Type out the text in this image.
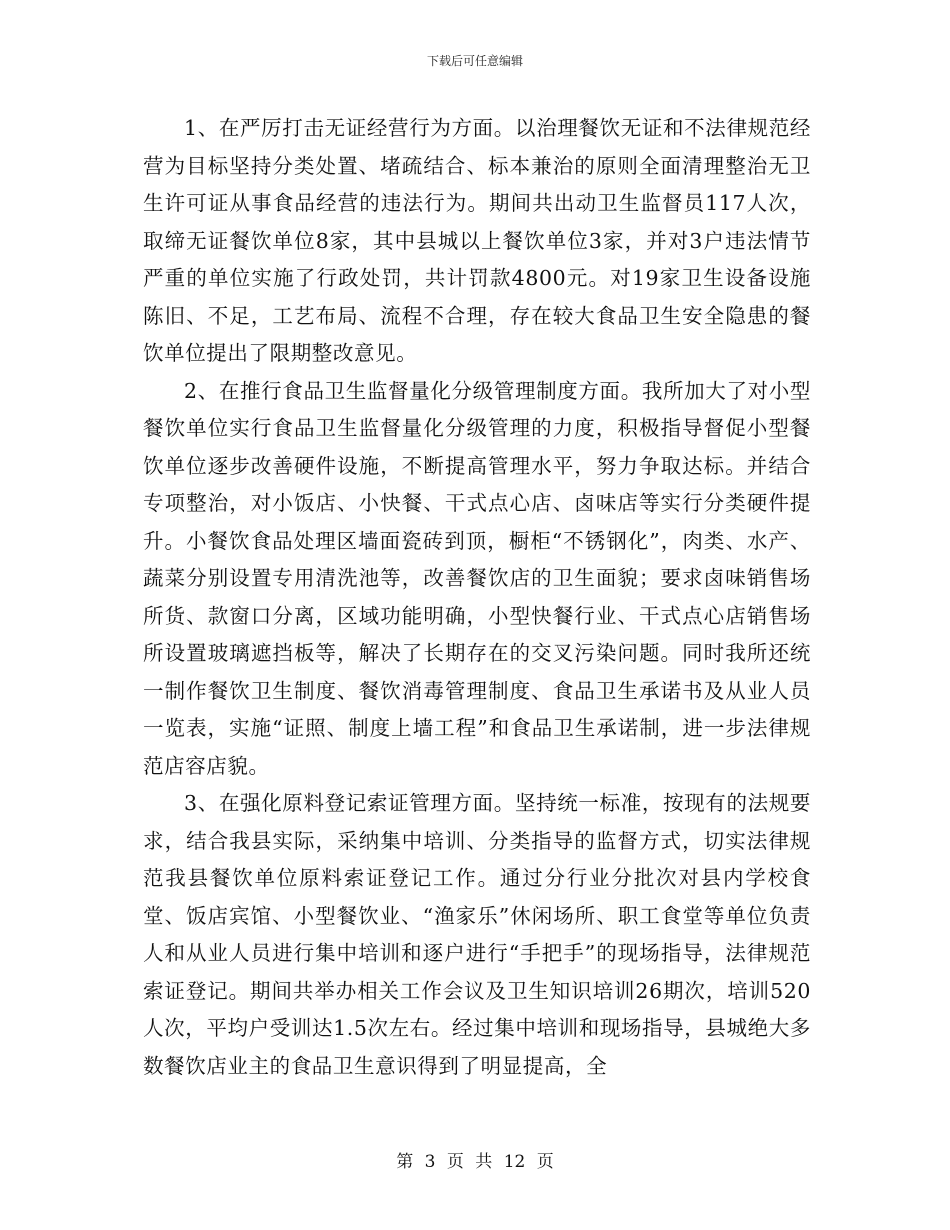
下载后可任意编辑

1、在严厉打击无证经营行为方面。以治理餐饮无证和不法律规范经营为目标坚持分类处置、堵疏结合、标本兼治的原则全面清理整治无卫生许可证从事食品经营的违法行为。期间共出动卫生监督员117人次，取缔无证餐饮单位8家，其中县城以上餐饮单位3家，并对3户违法情节严重的单位实施了行政处罚，共计罚款4800元。对19家卫生设备设施陈旧、不足，工艺布局、流程不合理，存在较大食品卫生安全隐患的餐饮单位提出了限期整改意见。

2、在推行食品卫生监督量化分级管理制度方面。我所加大了对小型餐饮单位实行食品卫生监督量化分级管理的力度，积极指导督促小型餐饮单位逐步改善硬件设施，不断提高管理水平，努力争取达标。并结合专项整治，对小饭店、小快餐、干式点心店、卤味店等实行分类硬件提升。小餐饮食品处理区墙面瓷砖到顶，橱柜“不锈钢化”，肉类、水产、蔬菜分别设置专用清洗池等，改善餐饮店的卫生面貌；要求卤味销售场所货、款窗口分离，区域功能明确，小型快餐行业、干式点心店销售场所设置玻璃遮挡板等，解决了长期存在的交叉污染问题。同时我所还统一制作餐饮卫生制度、餐饮消毒管理制度、食品卫生承诺书及从业人员一览表，实施“证照、制度上墙工程”和食品卫生承诺制，进一步法律规范店容店貌。

3、在强化原料登记索证管理方面。坚持统一标准，按现有的法规要求，结合我县实际，采纳集中培训、分类指导的监督方式，切实法律规范我县餐饮单位原料索证登记工作。通过分行业分批次对县内学校食堂、饭店宾馆、小型餐饮业、“渔家乐”休闲场所、职工食堂等单位负责人和从业人员进行集中培训和逐户进行“手把手”的现场指导，法律规范索证登记。期间共举办相关工作会议及卫生知识培训26期次，培训520人次，平均户受训达1.5次左右。经过集中培训和现场指导，县城绝大多数餐饮店业主的食品卫生意识得到了明显提高，全

第 3 页 共 12 页
